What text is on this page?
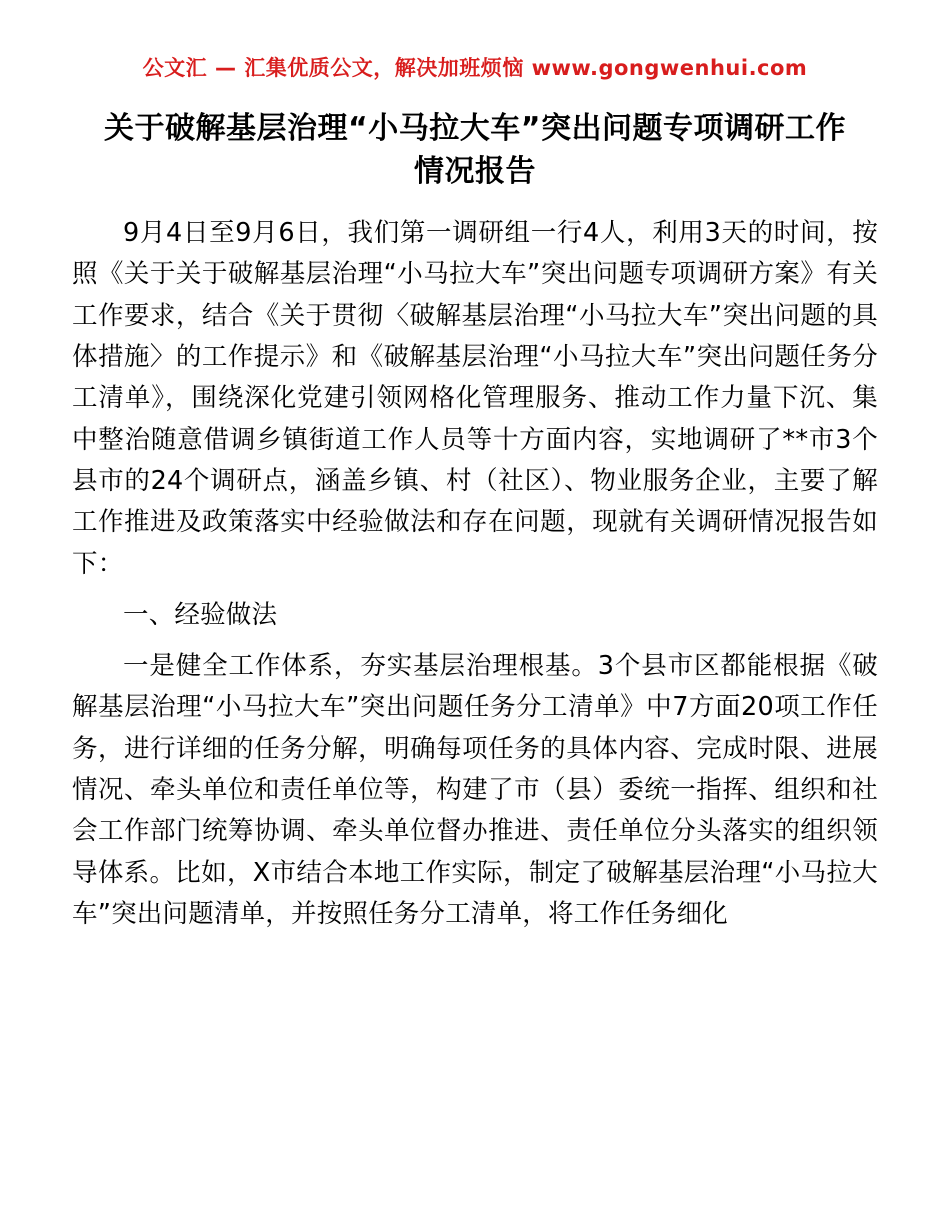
公文汇 — 汇集优质公文，解决加班烦恼 www.gongwenhui.com
关于破解基层治理“小马拉大车”突出问题专项调研工作情况报告

9月4日至9月6日，我们第一调研组一行4人，利用3天的时间，按照《关于关于破解基层治理“小马拉大车”突出问题专项调研方案》有关工作要求，结合《关于贯彻〈破解基层治理“小马拉大车”突出问题的具体措施〉的工作提示》和《破解基层治理“小马拉大车”突出问题任务分工清单》，围绕深化党建引领网格化管理服务、推动工作力量下沉、集中整治随意借调乡镇街道工作人员等十方面内容，实地调研了**市3个县市的24个调研点，涵盖乡镇、村（社区）、物业服务企业，主要了解工作推进及政策落实中经验做法和存在问题，现就有关调研情况报告如下：

一、经验做法

一是健全工作体系，夯实基层治理根基。3个县市区都能根据《破解基层治理“小马拉大车”突出问题任务分工清单》中7方面20项工作任务，进行详细的任务分解，明确每项任务的具体内容、完成时限、进展情况、牵头单位和责任单位等，构建了市（县）委统一指挥、组织和社会工作部门统筹协调、牵头单位督办推进、责任单位分头落实的组织领导体系。比如，X市结合本地工作实际，制定了破解基层治理“小马拉大车”突出问题清单，并按照任务分工清单，将工作任务细化
